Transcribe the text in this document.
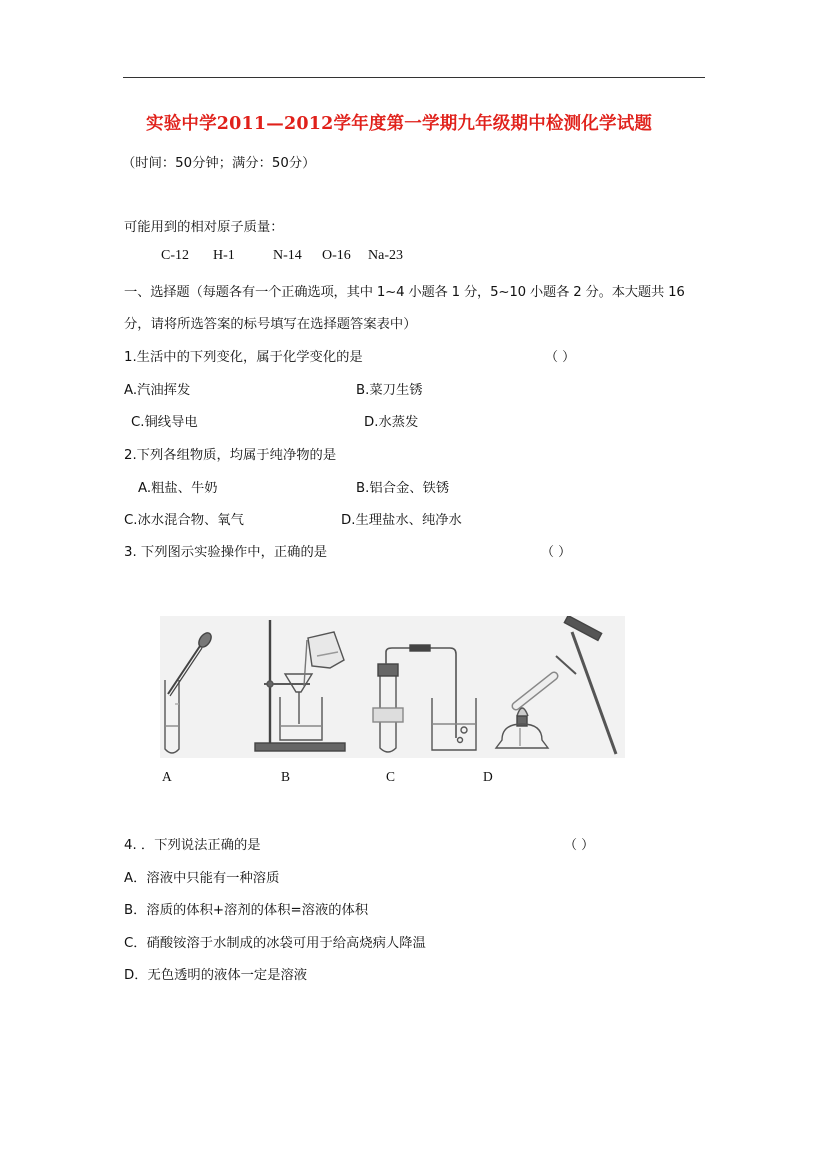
实验中学2011—2012学年度第一学期九年级期中检测化学试题
（时间：50分钟；满分：50分）
可能用到的相对原子质量：
C-12 H-1	N-14 O-16 Na-23
一、选择题（每题各有一个正确选项，其中 1~4 小题各 1 分，5~10 小题各 2 分。本大题共 16
分，请将所选答案的标号填写在选择题答案表中）
1.生活中的下列变化，属于化学变化的是	（ ）
A.汽油挥发	B.菜刀生锈
C.铜线导电	D.水蒸发
2.下列各组物质，均属于纯净物的是
A.粗盐、牛奶	B.铝合金、铁锈
C.冰水混合物、氧气	D.生理盐水、纯净水
3. 下列图示实验操作中，正确的是	（ ）
A	B	C	D
4. ．下列说法正确的是	（ ）
A．溶液中只能有一种溶质
B．溶质的体积+溶剂的体积=溶液的体积
C．硝酸铵溶于水制成的冰袋可用于给高烧病人降温
D．无色透明的液体一定是溶液
